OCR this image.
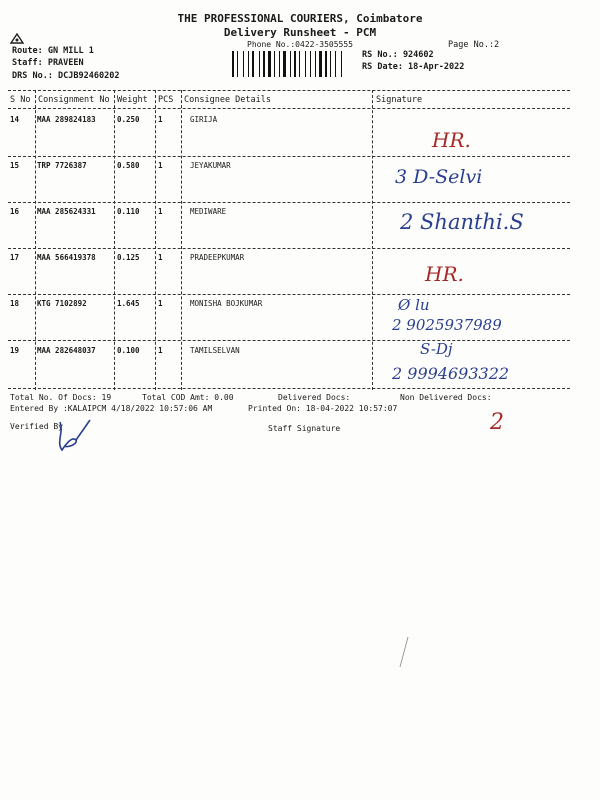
THE PROFESSIONAL COURIERS, Coimbatore
Delivery Runsheet - PCM
Phone No.:0422-3505555	Page No.:2
Route: GN MILL 1
Staff: PRAVEEN
DRS No.: DCJB92460202
RS No.: 924602
RS Date: 18-Apr-2022
S No Consignment No Weight PCS Consignee Details	Signature
14 MAA 289824183	0.250 1	GIRIJA
HR.
15 TRP 7726387	0.580 1	JEYAKUMAR
3 D-Selvi
16 MAA 285624331	0.110 1	MEDIWARE	2 Shanthi.S
17 MAA 566419378	0.125 1	PRADEEPKUMAR
HR.
18 KTG 7102892	1.645 1	MONISHA BOJKUMAR	Ø lu
2 9025937989
19 MAA 282648037	0.100 1	TAMILSELVAN	S-Dj
2 9994693322
Total No. Of Docs: 19	Total COD Amt: 0.00	Delivered Docs:	Non Delivered Docs:
Entered By :KALAIPCM 4/18/2022 10:57:06 AM	Printed On: 18-04-2022 10:57:07
Verified By	Staff Signature	2
